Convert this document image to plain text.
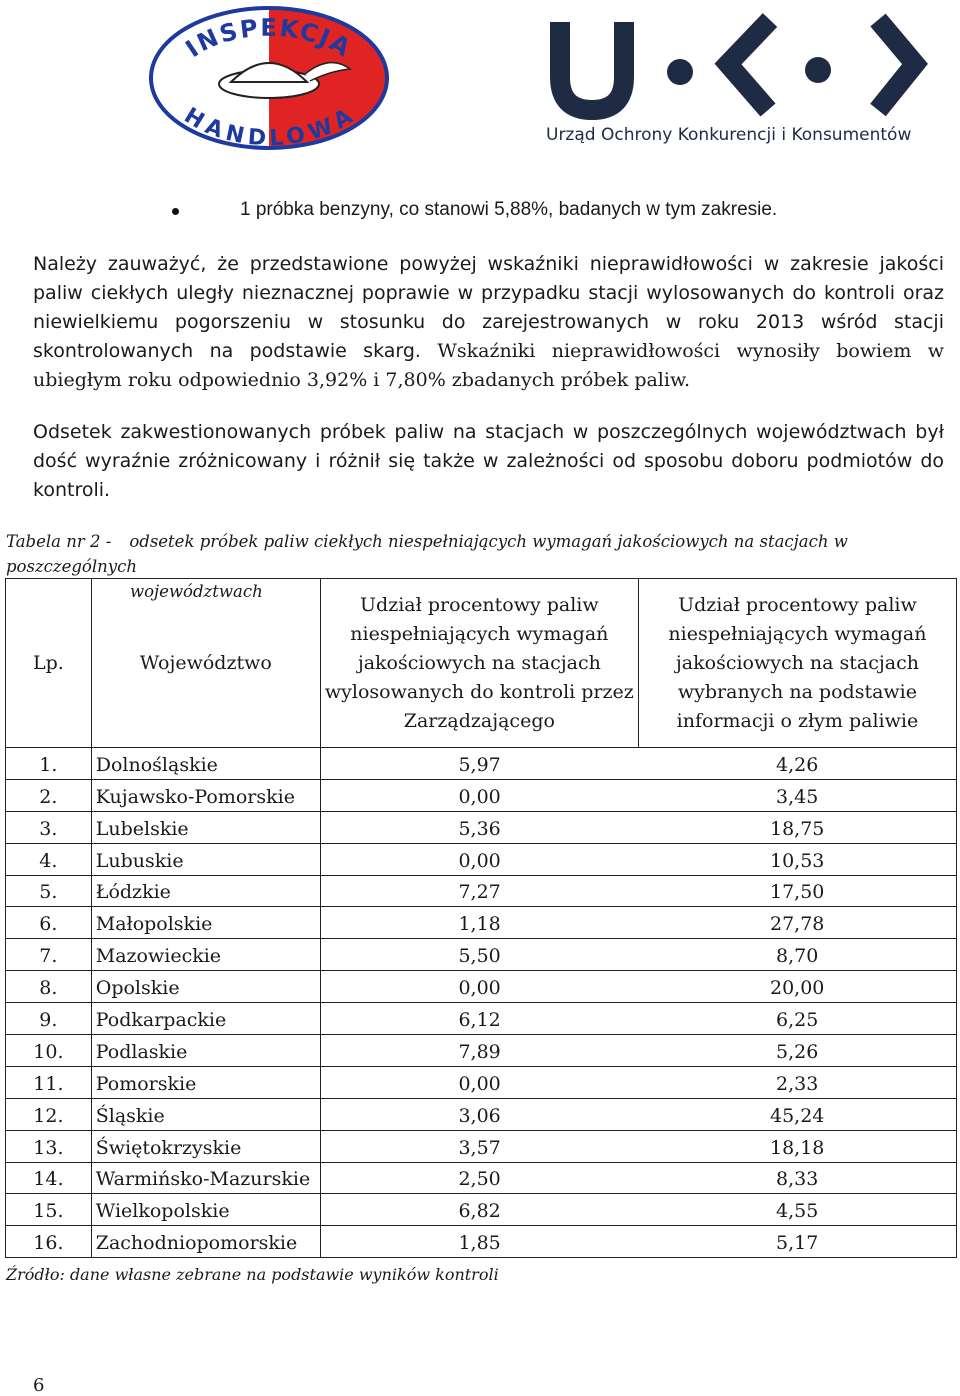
INSPEKCJA
HANDLOWA
UOKiK
Urząd Ochrony Konkurencji i Konsumentów
1 próbka benzyny, co stanowi 5,88%, badanych w tym zakresie.
Należy zauważyć, że przedstawione powyżej wskaźniki nieprawidłowości w zakresie jakości paliw ciekłych uległy nieznacznej poprawie w przypadku stacji wylosowanych do kontroli oraz niewielkiemu pogorszeniu w stosunku do zarejestrowanych w roku 2013 wśród stacji skontrolowanych na podstawie skarg. Wskaźniki nieprawidłowości wynosiły bowiem w ubiegłym roku odpowiednio 3,92% i 7,80% zbadanych próbek paliw.
Odsetek zakwestionowanych próbek paliw na stacjach w poszczególnych województwach był dość wyraźnie zróżnicowany i różnił się także w zależności od sposobu doboru podmiotów do kontroli.
Tabela nr 2 - odsetek próbek paliw ciekłych niespełniających wymagań jakościowych na stacjach w poszczególnych
województwach
Lp.	Województwo	Udział procentowy paliw niespełniających wymagań jakościowych na stacjach wylosowanych do kontroli przez Zarządzającego	Udział procentowy paliw niespełniających wymagań jakościowych na stacjach wybranych na podstawie informacji o złym paliwie
1.	Dolnośląskie	5,97	4,26
2.	Kujawsko-Pomorskie	0,00	3,45
3.	Lubelskie	5,36	18,75
4.	Lubuskie	0,00	10,53
5.	Łódzkie	7,27	17,50
6.	Małopolskie	1,18	27,78
7.	Mazowieckie	5,50	8,70
8.	Opolskie	0,00	20,00
9.	Podkarpackie	6,12	6,25
10.	Podlaskie	7,89	5,26
11.	Pomorskie	0,00	2,33
12.	Śląskie	3,06	45,24
13.	Świętokrzyskie	3,57	18,18
14.	Warmińsko-Mazurskie	2,50	8,33
15.	Wielkopolskie	6,82	4,55
16.	Zachodniopomorskie	1,85	5,17
Źródło: dane własne zebrane na podstawie wyników kontroli
6
